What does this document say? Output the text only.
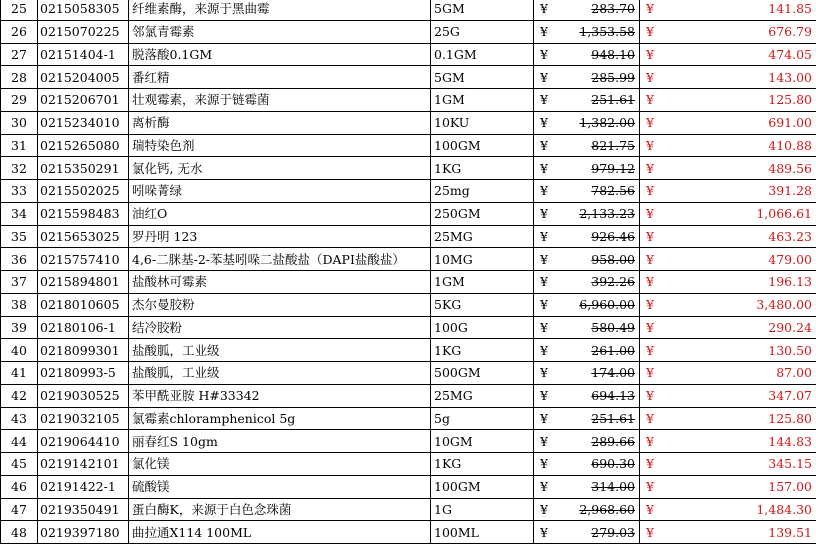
25	0215058305	纤维素酶，来源于黑曲霉	5GM	¥ 283.70	¥ 141.85

26	0215070225	邻氯青霉素	25G	¥ 1,353.58	¥ 676.79

27	02151404-1	脱落酸0.1GM	0.1GM	¥ 948.10	¥ 474.05

28	0215204005	番红精	5GM	¥ 285.99	¥ 143.00

29	0215206701	壮观霉素，来源于链霉菌	1GM	¥ 251.61	¥ 125.80

30	0215234010	离析酶	10KU	¥ 1,382.00	¥ 691.00

31	0215265080	瑞特染色剂	100GM	¥ 821.75	¥ 410.88

32	0215350291	氯化钙, 无水	1KG	¥ 979.12	¥ 489.56

33	0215502025	吲哚菁绿	25mg	¥ 782.56	¥ 391.28

34	0215598483	油红O	250GM	¥ 2,133.23	¥ 1,066.61

35	0215653025	罗丹明 123	25MG	¥ 926.46	¥ 463.23

36	0215757410	4,6-二脒基-2-苯基吲哚二盐酸盐（DAPI盐酸盐）	10MG	¥ 958.00	¥ 479.00

37	0215894801	盐酸林可霉素	1GM	¥ 392.26	¥ 196.13

38	0218010605	杰尔曼胶粉	5KG	¥ 6,960.00	¥ 3,480.00

39	02180106-1	结冷胶粉	100G	¥ 580.49	¥ 290.24

40	0218099301	盐酸胍，工业级	1KG	¥ 261.00	¥ 130.50

41	02180993-5	盐酸胍，工业级	500GM	¥ 174.00	¥ 87.00

42	0219030525	苯甲酰亚胺 H#33342	25MG	¥ 694.13	¥ 347.07

43	0219032105	氯霉素chloramphenicol 5g	5g	¥ 251.61	¥ 125.80

44	0219064410	丽春红S 10gm	10GM	¥ 289.66	¥ 144.83

45	0219142101	氯化镁	1KG	¥ 690.30	¥ 345.15

46	02191422-1	硫酸镁	100GM	¥ 314.00	¥ 157.00

47	0219350491	蛋白酶K，来源于白色念珠菌	1G	¥ 2,968.60	¥ 1,484.30

48	0219397180	曲拉通X114 100ML	100ML	¥ 279.03	¥ 139.51
